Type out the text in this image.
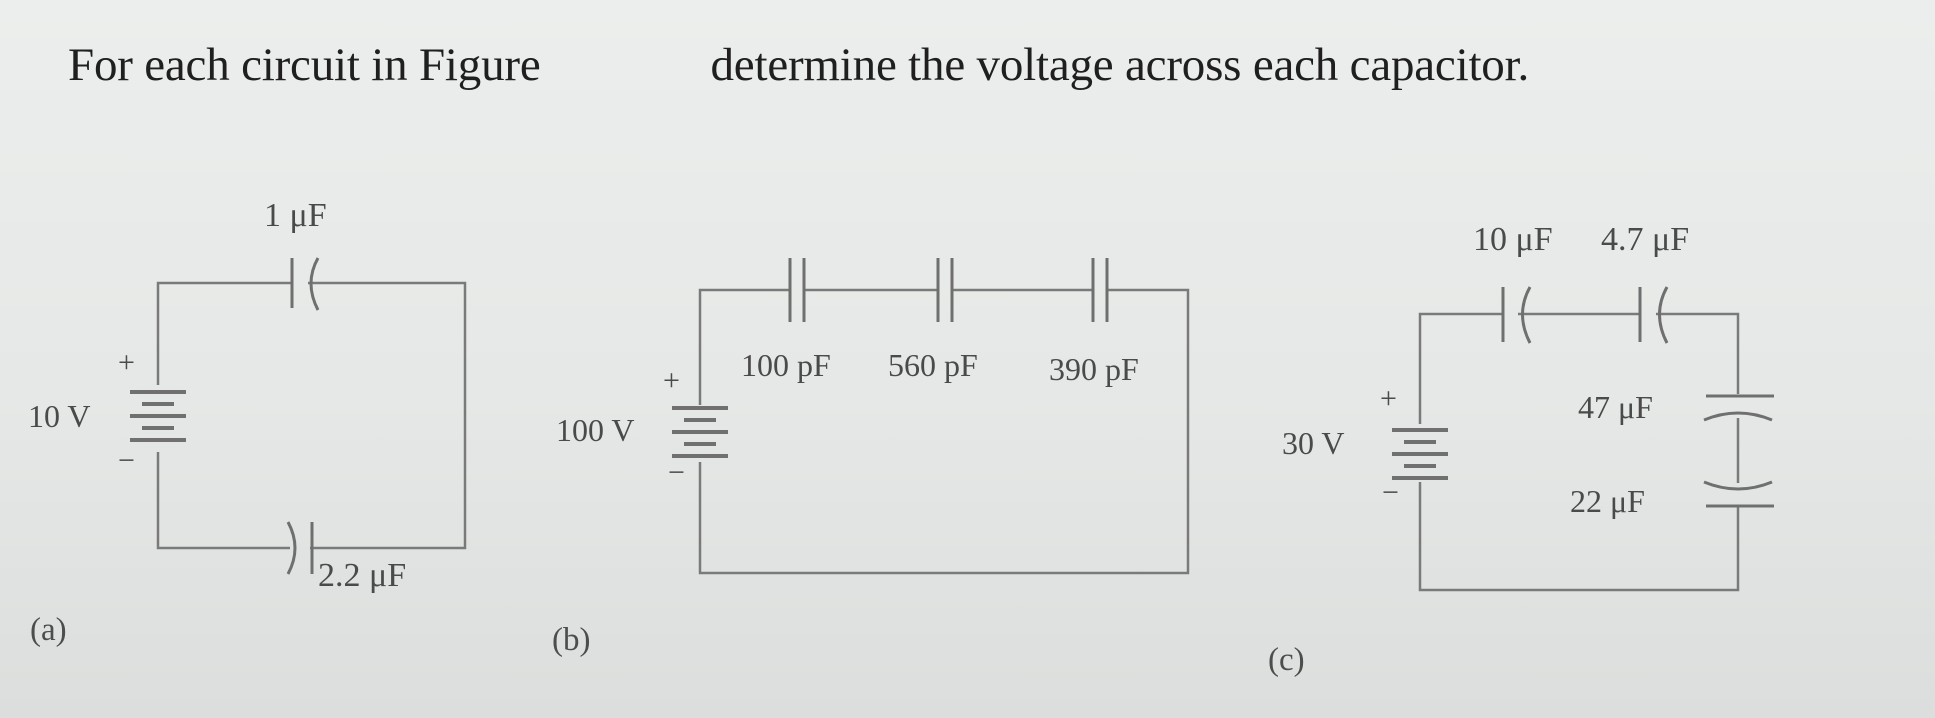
For each circuit in Figure	determine the voltage across each capacitor.
+
−
10 V
1 μF
2.2 μF
+
−
100 V
100 pF 560 pF 390 pF
+
−
30 V
10 μF 4.7 μF
47 μF
22 μF
(a)	(b)
(c)
